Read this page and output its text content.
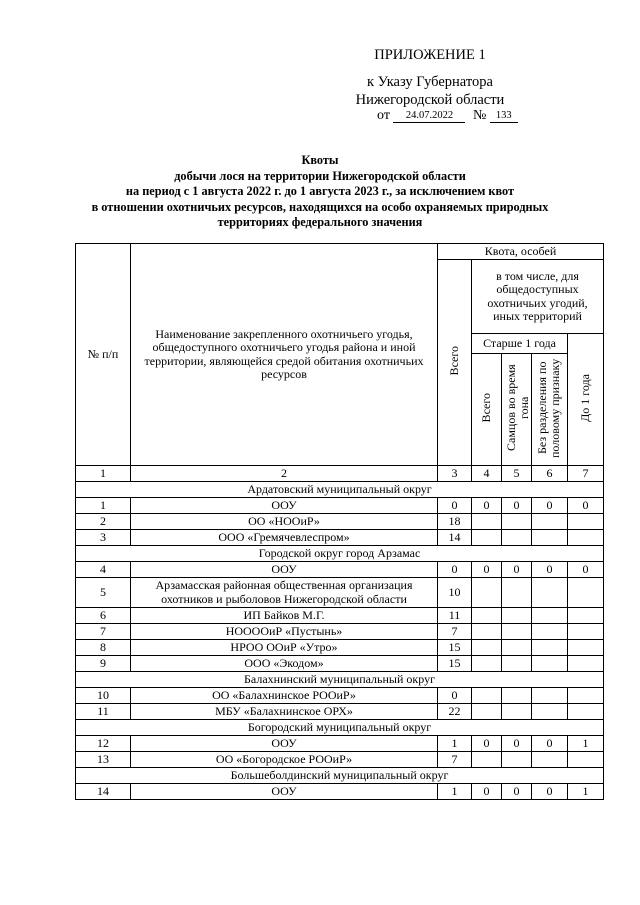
ПРИЛОЖЕНИЕ 1
к Указу Губернатора
Нижегородской области
от 24.07.2022 № 133
Квоты
добычи лося на территории Нижегородской области
на период с 1 августа 2022 г. до 1 августа 2023 г., за исключением квот
в отношении охотничьих ресурсов, находящихся на особо охраняемых природных
территориях федерального значения
№ п/п	Наименование закрепленного охотничьего угодья, общедоступного охотничьего угодья района и иной территории, являющейся средой обитания охотничьих ресурсов	Квота, особей				
		Всего	в том числе, для общедоступных охотничьих угодий, иных территорий			
			Старше 1 года			До 1 года
			Всего	Самцов во время гона	Без разделения по половому признаку	
1	2	3	4	5	6	7
Ардатовский муниципальный округ						
1	ООУ	0	0	0	0	0
2	ОО «НООиР»	18				
3	ООО «Гремячевлеспром»	14				
Городской округ город Арзамас						
4	ООУ	0	0	0	0	0
5	Арзамасская районная общественная организация охотников и рыболовов Нижегородской области	10				
6	ИП Байков М.Г.	11				
7	НООООиР «Пустынь»	7				
8	НРОО ООиР «Утро»	15				
9	ООО «Экодом»	15				
Балахнинский муниципальный округ						
10	ОО «Балахнинское РООиР»	0				
11	МБУ «Балахнинское ОРХ»	22				
Богородский муниципальный округ						
12	ООУ	1	0	0	0	1
13	ОО «Богородское РООиР»	7				
Большеболдинский муниципальный округ						
14	ООУ	1	0	0	0	1
